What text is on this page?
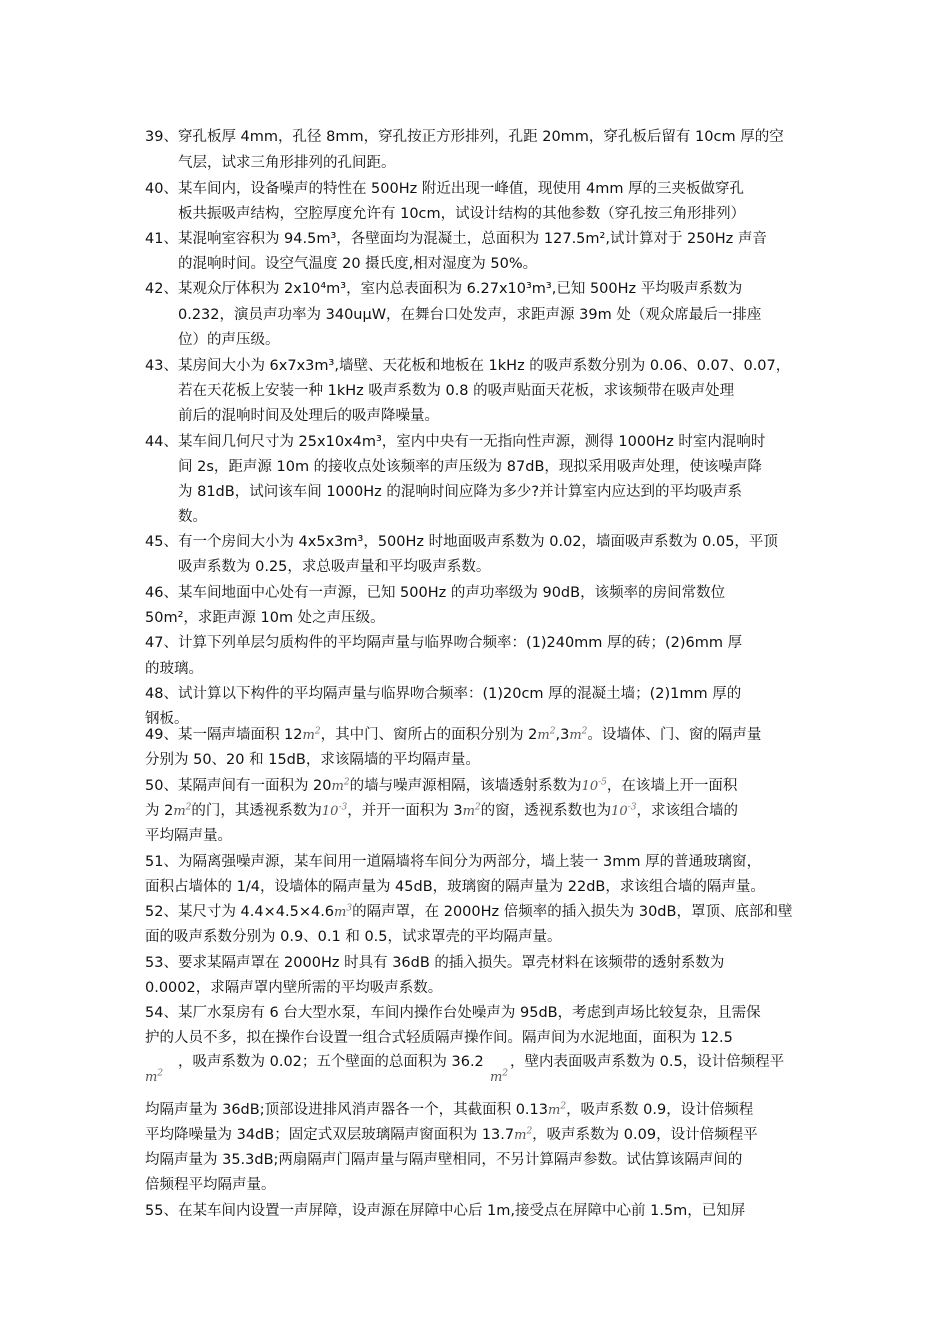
39、穿孔板厚 4mm，孔径 8mm，穿孔按正方形排列，孔距 20mm，穿孔板后留有 10cm 厚的空
气层，试求三角形排列的孔间距。
40、某车间内，设备噪声的特性在 500Hz 附近出现一峰值，现使用 4mm 厚的三夹板做穿孔
板共振吸声结构，空腔厚度允许有 10cm，试设计结构的其他参数（穿孔按三角形排列）
41、某混响室容积为 94.5m³，各壁面均为混凝土，总面积为 127.5m²,试计算对于 250Hz 声音
的混响时间。设空气温度 20 摄氏度,相对湿度为 50%。
42、某观众厅体积为 2x10⁴m³，室内总表面积为 6.27x10³m³,已知 500Hz 平均吸声系数为
0.232，演员声功率为 340uμW，在舞台口处发声，求距声源 39m 处（观众席最后一排座
位）的声压级。
43、某房间大小为 6x7x3m³,墙壁、天花板和地板在 1kHz 的吸声系数分别为 0.06、0.07、0.07，
若在天花板上安装一种 1kHz 吸声系数为 0.8 的吸声贴面天花板，求该频带在吸声处理
前后的混响时间及处理后的吸声降噪量。
44、某车间几何尺寸为 25x10x4m³，室内中央有一无指向性声源，测得 1000Hz 时室内混响时
间 2s，距声源 10m 的接收点处该频率的声压级为 87dB，现拟采用吸声处理，使该噪声降
为 81dB，试问该车间 1000Hz 的混响时间应降为多少?并计算室内应达到的平均吸声系
数。
45、有一个房间大小为 4x5x3m³，500Hz 时地面吸声系数为 0.02，墙面吸声系数为 0.05，平顶
吸声系数为 0.25，求总吸声量和平均吸声系数。
46、某车间地面中心处有一声源，已知 500Hz 的声功率级为 90dB，该频率的房间常数位
50m²，求距声源 10m 处之声压级。
47、计算下列单层匀质构件的平均隔声量与临界吻合频率：(1)240mm 厚的砖；(2)6mm 厚
的玻璃。
48、试计算以下构件的平均隔声量与临界吻合频率：(1)20cm 厚的混凝土墙；(2)1mm 厚的
钢板。
49、某一隔声墙面积 $12m^2$，其中门、窗所占的面积分别为 $2m^2,3m^2$。设墙体、门、窗的隔声量
分别为 50、20 和 15dB，求该隔墙的平均隔声量。
50、某隔声间有一面积为 $20m^2$的墙与噪声源相隔，该墙透射系数为$10^{-5}$，在该墙上开一面积
为 $2m^2$的门，其透视系数为$10^{-3}$，并开一面积为 $3m^2$的窗，透视系数也为$10^{-3}$，求该组合墙的
平均隔声量。
51、为隔离强噪声源，某车间用一道隔墙将车间分为两部分，墙上装一 3mm 厚的普通玻璃窗，
面积占墙体的 1/4，设墙体的隔声量为 45dB，玻璃窗的隔声量为 22dB，求该组合墙的隔声量。
52、某尺寸为 $4.4\times 4.5\times 4.6m^3$的隔声罩，在 2000Hz 倍频率的插入损失为 30dB，罩顶、底部和壁
面的吸声系数分别为 0.9、0.1 和 0.5，试求罩壳的平均隔声量。
53、要求某隔声罩在 2000Hz 时具有 36dB 的插入损失。罩壳材料在该频带的透射系数为
0.0002，求隔声罩内壁所需的平均吸声系数。
54、某厂水泵房有 6 台大型水泵，车间内操作台处噪声为 95dB，考虑到声场比较复杂，且需保
护的人员不多，拟在操作台设置一组合式轻质隔声操作间。隔声间为水泥地面，面积为 12.5
，吸声系数为 0.02；五个壁面的总面积为 36.2 ，壁内表面吸声系数为 0.5，设计倍频程平
$m^2$	$m^2$
均隔声量为 36dB;顶部设进排风消声器各一个，其截面积 $0.13m^2$，吸声系数 0.9，设计倍频程
平均降噪量为 34dB；固定式双层玻璃隔声窗面积为 $13.7m^2$，吸声系数为 0.09，设计倍频程平
均隔声量为 35.3dB;两扇隔声门隔声量与隔声壁相同，不另计算隔声参数。试估算该隔声间的
倍频程平均隔声量。
55、在某车间内设置一声屏障，设声源在屏障中心后 1m,接受点在屏障中心前 1.5m，已知屏
